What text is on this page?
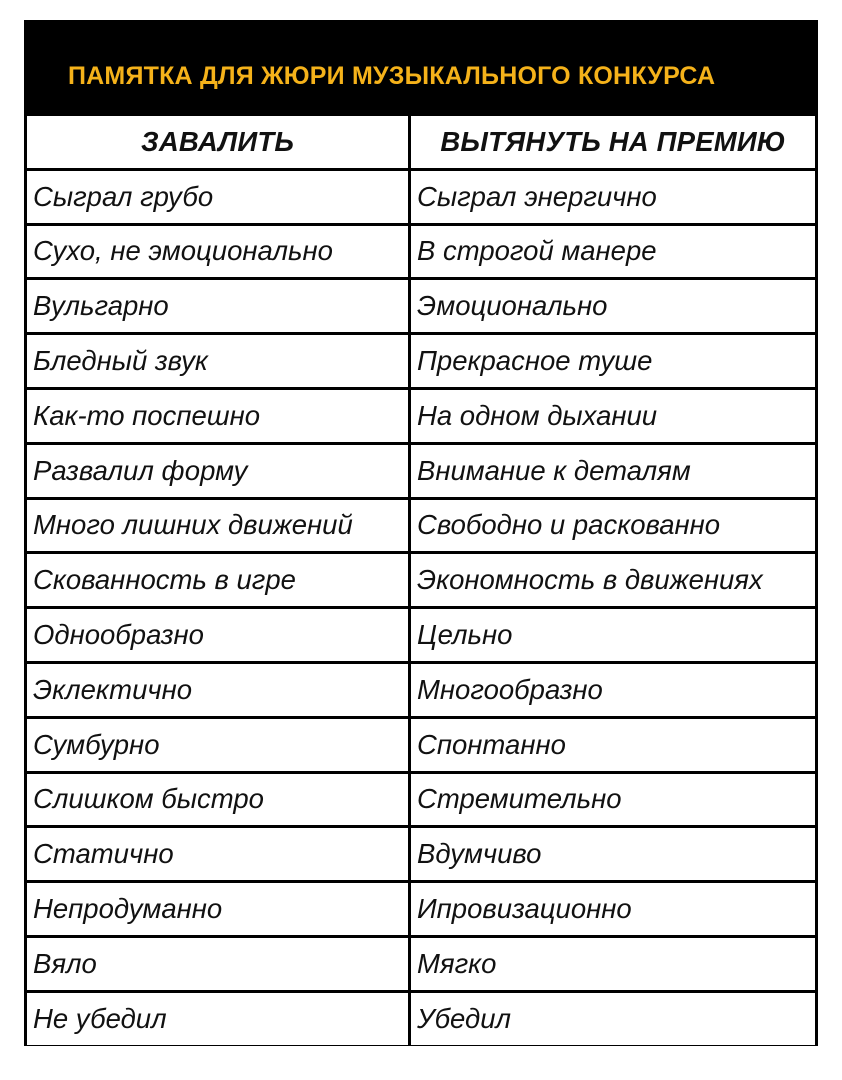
ПАМЯТКА ДЛЯ ЖЮРИ МУЗЫКАЛЬНОГО КОНКУРСА
ЗАВАЛИТЬ	ВЫТЯНУТЬ НА ПРЕМИЮ
Сыграл грубо	Сыграл энергично
Сухо, не эмоционально	В строгой манере
Вульгарно	Эмоционально
Бледный звук	Прекрасное туше
Как-то поспешно	На одном дыхании
Развалил форму	Внимание к деталям
Много лишних движений	Свободно и раскованно
Скованность в игре	Экономность в движениях
Однообразно	Цельно
Эклектично	Многообразно
Сумбурно	Спонтанно
Слишком быстро	Стремительно
Статично	Вдумчиво
Непродуманно	Ипровизационно
Вяло	Мягко
Не убедил	Убедил
